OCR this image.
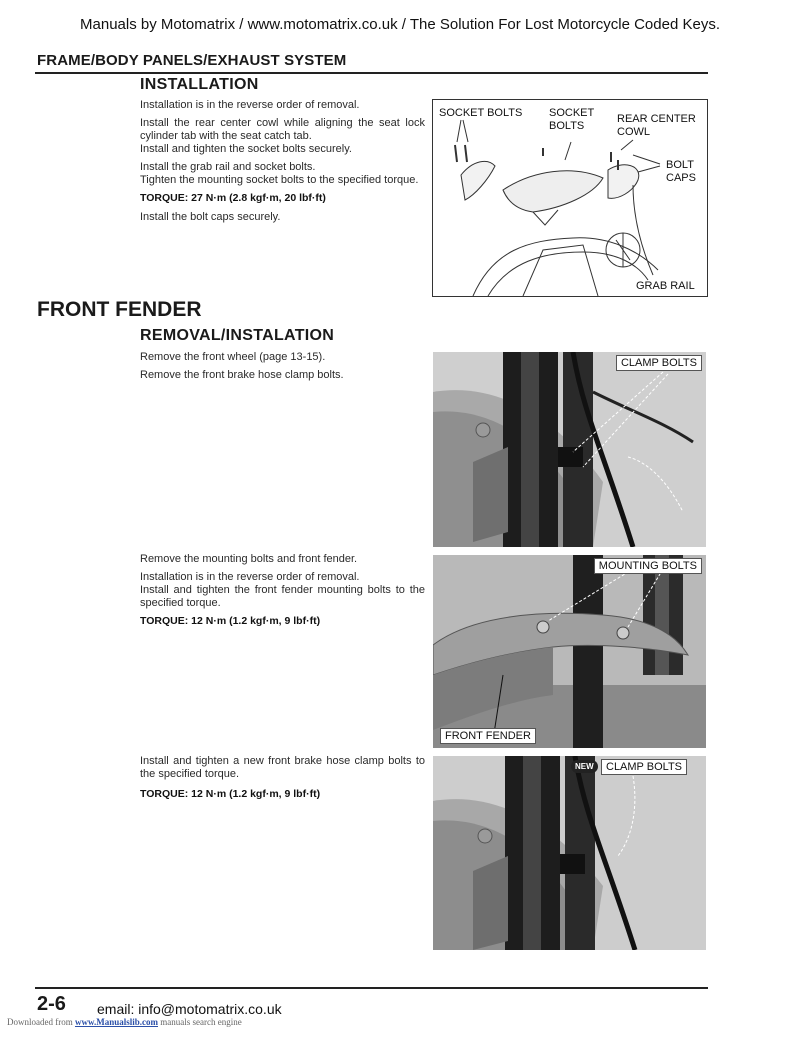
Manuals by Motomatrix / www.motomatrix.co.uk / The Solution For Lost Motorcycle Coded Keys.
FRAME/BODY PANELS/EXHAUST SYSTEM
INSTALLATION

Installation is in the reverse order of removal.

Install the rear center cowl while aligning the seat lock cylinder tab with the seat catch tab.

Install and tighten the socket bolts securely.

Install the grab rail and socket bolts.

Tighten the mounting socket bolts to the specified torque.

TORQUE: 27 N·m (2.8 kgf·m, 20 lbf·ft)

Install the bolt caps securely.

SOCKET BOLTS SOCKET
BOLTS
REAR CENTER
COWL
BOLT
CAPS
GRAB RAIL
FRONT FENDER
REMOVAL/INSTALATION

Remove the front wheel (page 13-15).

Remove the front brake hose clamp bolts.

CLAMP BOLTS

Remove the mounting bolts and front fender.

Installation is in the reverse order of removal.

Install and tighten the front fender mounting bolts to the specified torque.

TORQUE: 12 N·m (1.2 kgf·m, 9 lbf·ft)

MOUNTING BOLTS
FRONT FENDER

Install and tighten a new front brake hose clamp bolts to the specified torque.

TORQUE: 12 N·m (1.2 kgf·m, 9 lbf·ft)

NEW	CLAMP BOLTS
2-6 email: info@motomatrix.co.uk
Downloaded from www.Manualslib.com manuals search engine
